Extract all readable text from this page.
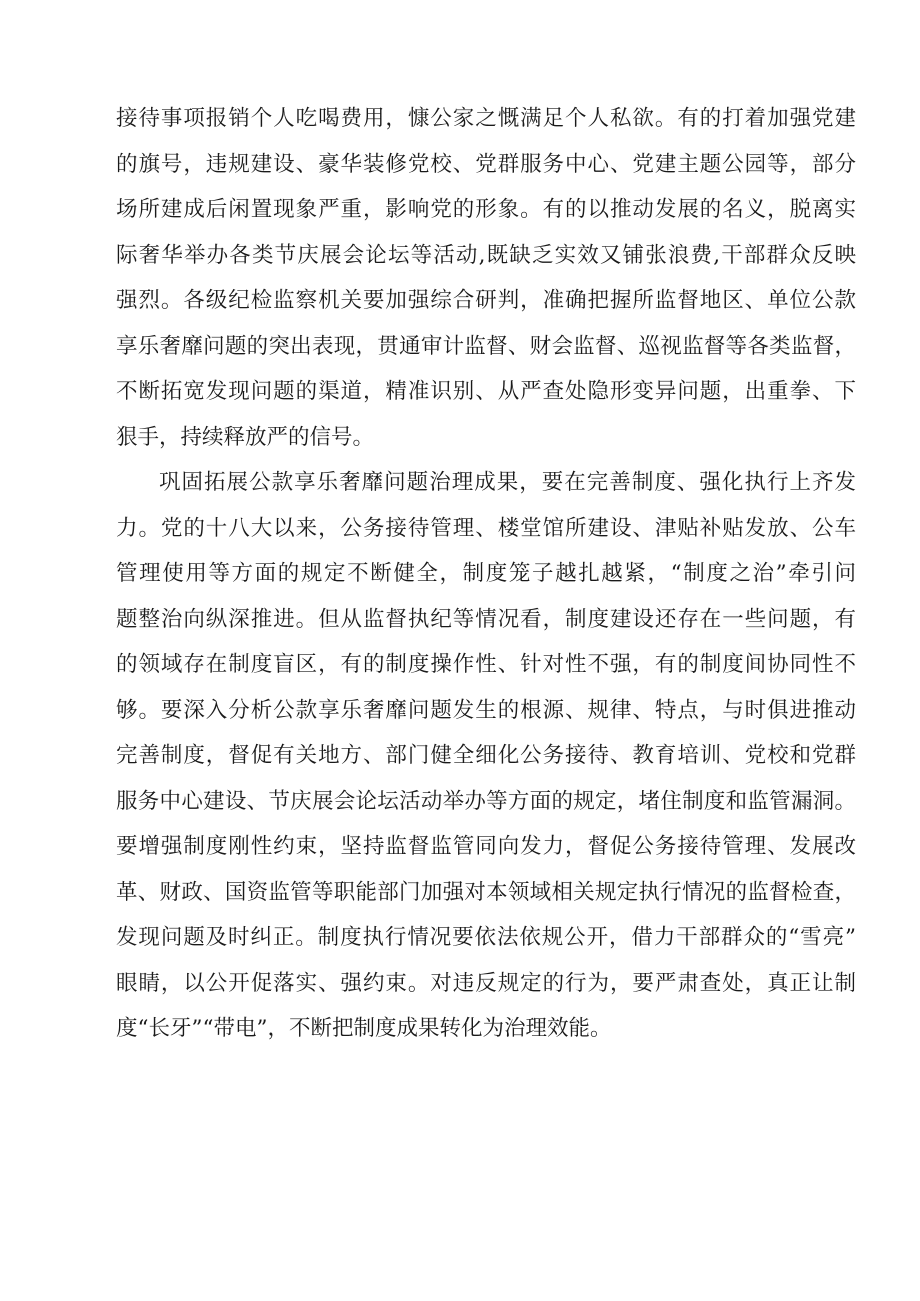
接待事项报销个人吃喝费用，慷公家之慨满足个人私欲。有的打着加强党建
的旗号，违规建设、豪华装修党校、党群服务中心、党建主题公园等，部分
场所建成后闲置现象严重，影响党的形象。有的以推动发展的名义，脱离实
际奢华举办各类节庆展会论坛等活动,既缺乏实效又铺张浪费,干部群众反映
强烈。各级纪检监察机关要加强综合研判，准确把握所监督地区、单位公款
享乐奢靡问题的突出表现，贯通审计监督、财会监督、巡视监督等各类监督，
不断拓宽发现问题的渠道，精准识别、从严查处隐形变异问题，出重拳、下
狠手，持续释放严的信号。
巩固拓展公款享乐奢靡问题治理成果，要在完善制度、强化执行上齐发
力。党的十八大以来，公务接待管理、楼堂馆所建设、津贴补贴发放、公车
管理使用等方面的规定不断健全，制度笼子越扎越紧，“制度之治”牵引问
题整治向纵深推进。但从监督执纪等情况看，制度建设还存在一些问题，有
的领域存在制度盲区，有的制度操作性、针对性不强，有的制度间协同性不
够。要深入分析公款享乐奢靡问题发生的根源、规律、特点，与时俱进推动
完善制度，督促有关地方、部门健全细化公务接待、教育培训、党校和党群
服务中心建设、节庆展会论坛活动举办等方面的规定，堵住制度和监管漏洞。
要增强制度刚性约束，坚持监督监管同向发力，督促公务接待管理、发展改
革、财政、国资监管等职能部门加强对本领域相关规定执行情况的监督检查，
发现问题及时纠正。制度执行情况要依法依规公开，借力干部群众的“雪亮”
眼睛，以公开促落实、强约束。对违反规定的行为，要严肃查处，真正让制
度“长牙”“带电”，不断把制度成果转化为治理效能。
